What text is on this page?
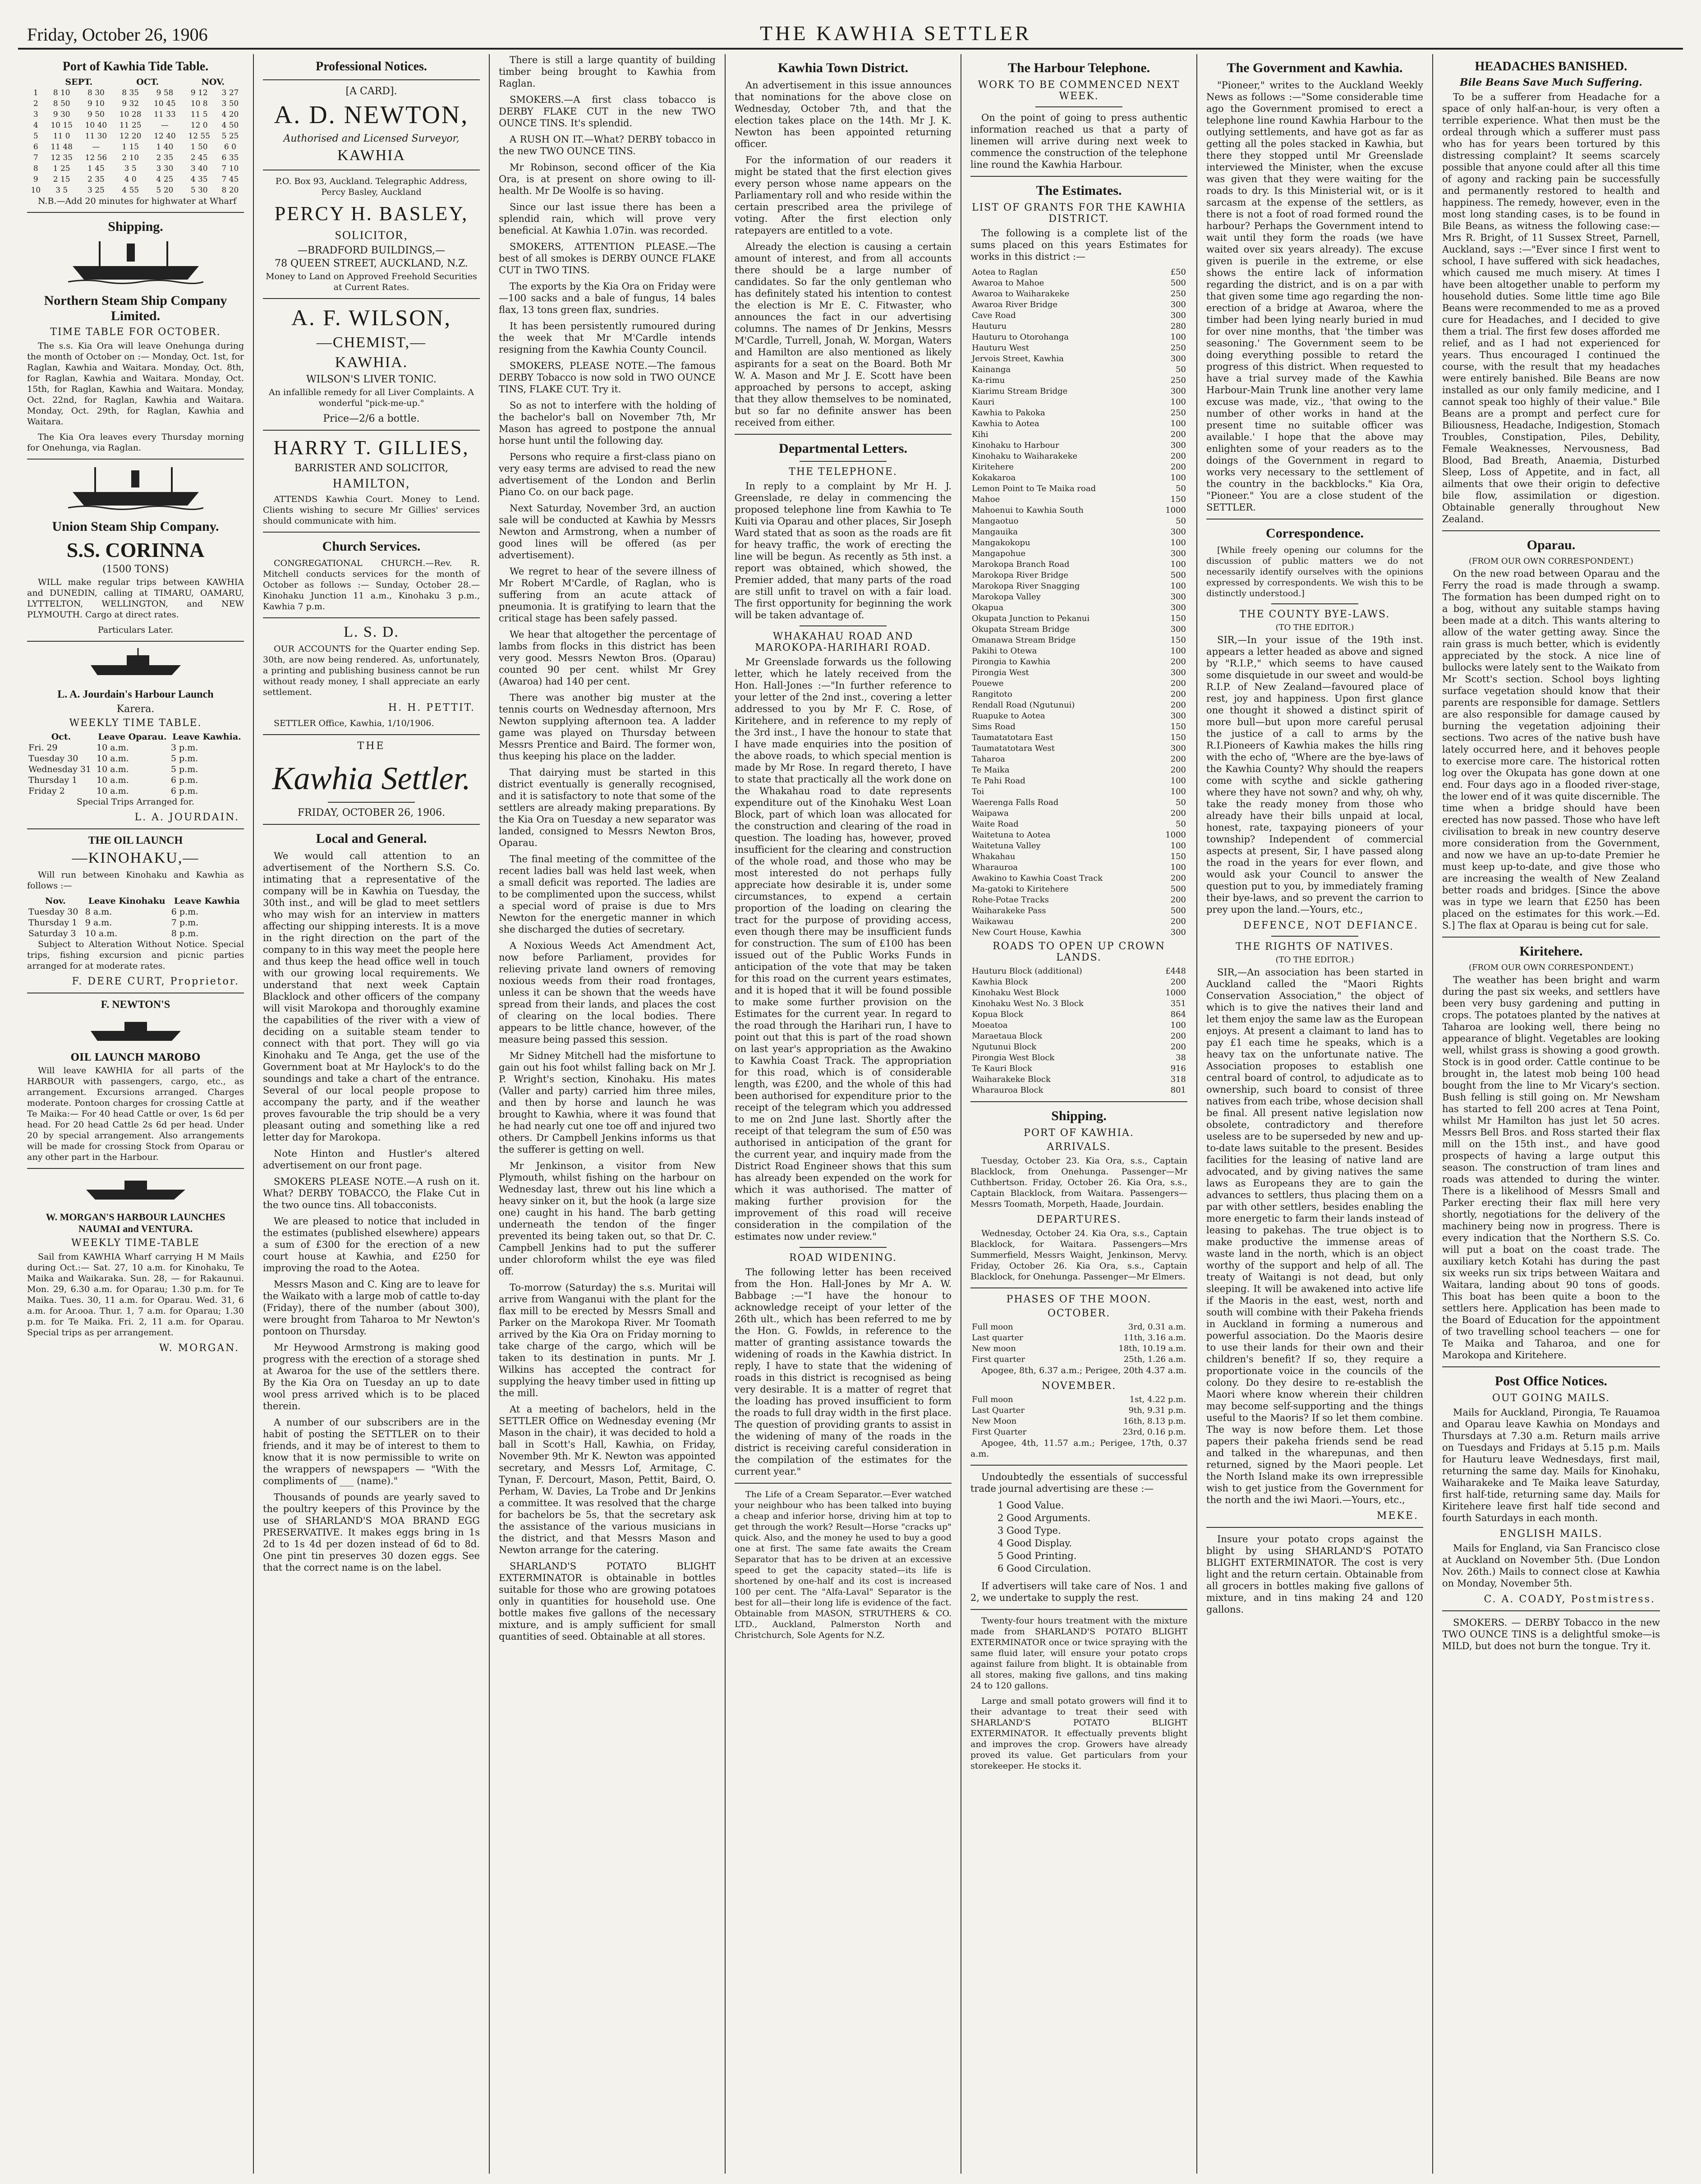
Friday, October 26, 1906	THE KAWHIA SETTLER
Port of Kawhia Tide Table.
	SEPT.		OCT.		NOV.	
1	8 10	8 30	8 35	9 58	9 12	3 27
2	8 50	9 10	9 32	10 45	10 8	3 50
3	9 30	9 50	10 28	11 33	11 5	4 20
4	10 15	10 40	11 25	—	12 0	4 50
5	11 0	11 30	12 20	12 40	12 55	5 25
6	11 48	—	1 15	1 40	1 50	6 0
7	12 35	12 56	2 10	2 35	2 45	6 35
8	1 25	1 45	3 5	3 30	3 40	7 10
9	2 15	2 35	4 0	4 25	4 35	7 45
10	3 5	3 25	4 55	5 20	5 30	8 20

N.B.—Add 20 minutes for highwater at Wharf

Shipping.
Northern Steam Ship Company Limited.
TIME TABLE FOR OCTOBER.

The s.s. Kia Ora will leave Onehunga during the month of October on :— Monday, Oct. 1st, for Raglan, Kawhia and Waitara. Monday, Oct. 8th, for Raglan, Kawhia and Waitara. Monday, Oct. 15th, for Raglan, Kawhia and Waitara. Monday, Oct. 22nd, for Raglan, Kawhia and Waitara. Monday, Oct. 29th, for Raglan, Kawhia and Waitara.

The Kia Ora leaves every Thursday morning for Onehunga, via Raglan.

Union Steam Ship Company.
S.S. CORINNA
(1500 TONS)

WILL make regular trips between KAWHIA and DUNEDIN, calling at TIMARU, OAMARU, LYTTELTON, WELLINGTON, and NEW PLYMOUTH. Cargo at direct rates.

Particulars Later.

L. A. Jourdain's Harbour Launch
Karera.
WEEKLY TIME TABLE.
Oct.	Leave Oparau.	Leave Kawhia.
Fri. 29	10 a.m.	3 p.m.
Tuesday 30	10 a.m.	5 p.m.
Wednesday 31	10 a.m.	5 p.m.
Thursday 1	10 a.m.	6 p.m.
Friday 2	10 a.m.	6 p.m.

Special Trips Arranged for.

L. A. JOURDAIN.
THE OIL LAUNCH
—KINOHAKU,—

Will run between Kinohaku and Kawhia as follows :—

Nov.	Leave Kinohaku	Leave Kawhia
Tuesday 30	8 a.m.	6 p.m.
Thursday 1	9 a.m.	7 p.m.
Saturday 3	10 a.m.	8 p.m.

Subject to Alteration Without Notice. Special trips, fishing excursion and picnic parties arranged for at moderate rates.

F. DERE CURT, Proprietor.
F. NEWTON'S
OIL LAUNCH MAROBO

Will leave KAWHIA for all parts of the HARBOUR with passengers, cargo, etc., as arrangement. Excursions arranged. Charges moderate. Pontoon charges for crossing Cattle at Te Maika:— For 40 head Cattle or over, 1s 6d per head. For 20 head Cattle 2s 6d per head. Under 20 by special arrangement. Also arrangements will be made for crossing Stock from Oparau or any other part in the Harbour.

W. MORGAN'S HARBOUR LAUNCHES NAUMAI and VENTURA.
WEEKLY TIME-TABLE

Sail from KAWHIA Wharf carrying H M Mails during Oct.:— Sat. 27, 10 a.m. for Kinohaku, Te Maika and Waikaraka. Sun. 28, — for Rakaunui. Mon. 29, 6.30 a.m. for Oparau; 1.30 p.m. for Te Maika. Tues. 30, 11 a.m. for Oparau. Wed. 31, 6 a.m. for Ar.ooa. Thur. 1, 7 a.m. for Oparau; 1.30 p.m. for Te Maika. Fri. 2, 11 a.m. for Oparau. Special trips as per arrangement.

W. MORGAN.
Professional Notices.
[A CARD].
A. D. NEWTON,
Authorised and Licensed Surveyor,
KAWHIA

P.O. Box 93, Auckland. Telegraphic Address, Percy Basley, Auckland

PERCY H. BASLEY,
SOLICITOR,
—BRADFORD BUILDINGS,—
78 QUEEN STREET, AUCKLAND, N.Z.

Money to Land on Approved Freehold Securities at Current Rates.

A. F. WILSON,
—CHEMIST,—
KAWHIA.
WILSON'S LIVER TONIC.

An infallible remedy for all Liver Complaints. A wonderful "pick-me-up."

Price—2/6 a bottle.
HARRY T. GILLIES,
BARRISTER AND SOLICITOR,
HAMILTON,

ATTENDS Kawhia Court. Money to Lend. Clients wishing to secure Mr Gillies' services should communicate with him.

Church Services.

CONGREGATIONAL CHURCH.—Rev. R. Mitchell conducts services for the month of October as follows :— Sunday, October 28.—Kinohaku Junction 11 a.m., Kinohaku 3 p.m., Kawhia 7 p.m.

L. S. D.

OUR ACCOUNTS for the Quarter ending Sep. 30th, are now being rendered. As, unfortunately, a printing and publishing business cannot be run without ready money, I shall appreciate an early settlement.

H. H. PETTIT.

SETTLER Office, Kawhia, 1/10/1906.

THE
Kawhia Settler.
FRIDAY, OCTOBER 26, 1906.
Local and General.

We would call attention to an advertisement of the Northern S.S. Co. intimating that a representative of the company will be in Kawhia on Tuesday, the 30th inst., and will be glad to meet settlers who may wish for an interview in matters affecting our shipping interests. It is a move in the right direction on the part of the company to in this way meet the people here and thus keep the head office well in touch with our growing local requirements. We understand that next week Captain Blacklock and other officers of the company will visit Marokopa and thoroughly examine the capabilities of the river with a view of deciding on a suitable steam tender to connect with that port. They will go via Kinohaku and Te Anga, get the use of the Government boat at Mr Haylock's to do the soundings and take a chart of the entrance. Several of our local people propose to accompany the party, and if the weather proves favourable the trip should be a very pleasant outing and something like a red letter day for Marokopa.

Note Hinton and Hustler's altered advertisement on our front page.

SMOKERS PLEASE NOTE.—A rush on it. What? DERBY TOBACCO, the Flake Cut in the two ounce tins. All tobacconists.

We are pleased to notice that included in the estimates (published elsewhere) appears a sum of £300 for the erection of a new court house at Kawhia, and £250 for improving the road to the Aotea.

Messrs Mason and C. King are to leave for the Waikato with a large mob of cattle to-day (Friday), there of the number (about 300), were brought from Taharoa to Mr Newton's pontoon on Thursday.

Mr Heywood Armstrong is making good progress with the erection of a storage shed at Awaroa for the use of the settlers there. By the Kia Ora on Tuesday an up to date wool press arrived which is to be placed therein.

A number of our subscribers are in the habit of posting the SETTLER on to their friends, and it may be of interest to them to know that it is now permissible to write on the wrappers of newspapers — "With the compliments of ___ (name)."

Thousands of pounds are yearly saved to the poultry keepers of this Province by the use of SHARLAND'S MOA BRAND EGG PRESERVATIVE. It makes eggs bring in 1s 2d to 1s 4d per dozen instead of 6d to 8d. One pint tin preserves 30 dozen eggs. See that the correct name is on the label.

There is still a large quantity of building timber being brought to Kawhia from Raglan.

SMOKERS.—A first class tobacco is DERBY FLAKE CUT in the new TWO OUNCE TINS. It's splendid.

A RUSH ON IT.—What? DERBY tobacco in the new TWO OUNCE TINS.

Mr Robinson, second officer of the Kia Ora, is at present on shore owing to ill-health. Mr De Woolfe is so having.

Since our last issue there has been a splendid rain, which will prove very beneficial. At Kawhia 1.07in. was recorded.

SMOKERS, ATTENTION PLEASE.—The best of all smokes is DERBY OUNCE FLAKE CUT in TWO TINS.

The exports by the Kia Ora on Friday were—100 sacks and a bale of fungus, 14 bales flax, 13 tons green flax, sundries.

It has been persistently rumoured during the week that Mr M'Cardle intends resigning from the Kawhia County Council.

SMOKERS, PLEASE NOTE.—The famous DERBY Tobacco is now sold in TWO OUNCE TINS, FLAKE CUT. Try it.

So as not to interfere with the holding of the bachelor's ball on November 7th, Mr Mason has agreed to postpone the annual horse hunt until the following day.

Persons who require a first-class piano on very easy terms are advised to read the new advertisement of the London and Berlin Piano Co. on our back page.

Next Saturday, November 3rd, an auction sale will be conducted at Kawhia by Messrs Newton and Armstrong, when a number of good lines will be offered (as per advertisement).

We regret to hear of the severe illness of Mr Robert M'Cardle, of Raglan, who is suffering from an acute attack of pneumonia. It is gratifying to learn that the critical stage has been safely passed.

We hear that altogether the percentage of lambs from flocks in this district has been very good. Messrs Newton Bros. (Oparau) counted 90 per cent. whilst Mr Grey (Awaroa) had 140 per cent.

There was another big muster at the tennis courts on Wednesday afternoon, Mrs Newton supplying afternoon tea. A ladder game was played on Thursday between Messrs Prentice and Baird. The former won, thus keeping his place on the ladder.

That dairying must be started in this district eventually is generally recognised, and it is satisfactory to note that some of the settlers are already making preparations. By the Kia Ora on Tuesday a new separator was landed, consigned to Messrs Newton Bros, Oparau.

The final meeting of the committee of the recent ladies ball was held last week, when a small deficit was reported. The ladies are to be complimented upon the success, whilst a special word of praise is due to Mrs Newton for the energetic manner in which she discharged the duties of secretary.

A Noxious Weeds Act Amendment Act, now before Parliament, provides for relieving private land owners of removing noxious weeds from their road frontages, unless it can be shown that the weeds have spread from their lands, and places the cost of clearing on the local bodies. There appears to be little chance, however, of the measure being passed this session.

Mr Sidney Mitchell had the misfortune to gain out his foot whilst falling back on Mr J. P. Wright's section, Kinohaku. His mates (Valler and party) carried him three miles, and then by horse and launch he was brought to Kawhia, where it was found that he had nearly cut one toe off and injured two others. Dr Campbell Jenkins informs us that the sufferer is getting on well.

Mr Jenkinson, a visitor from New Plymouth, whilst fishing on the harbour on Wednesday last, threw out his line which a heavy sinker on it, but the hook (a large size one) caught in his hand. The barb getting underneath the tendon of the finger prevented its being taken out, so that Dr. C. Campbell Jenkins had to put the sufferer under chloroform whilst the eye was filed off.

To-morrow (Saturday) the s.s. Muritai will arrive from Wanganui with the plant for the flax mill to be erected by Messrs Small and Parker on the Marokopa River. Mr Toomath arrived by the Kia Ora on Friday morning to take charge of the cargo, which will be taken to its destination in punts. Mr J. Wilkins has accepted the contract for supplying the heavy timber used in fitting up the mill.

At a meeting of bachelors, held in the SETTLER Office on Wednesday evening (Mr Mason in the chair), it was decided to hold a ball in Scott's Hall, Kawhia, on Friday, November 9th. Mr K. Newton was appointed secretary, and Messrs Lof, Armitage, C. Tynan, F. Dercourt, Mason, Pettit, Baird, O. Perham, W. Davies, La Trobe and Dr Jenkins a committee. It was resolved that the charge for bachelors be 5s, that the secretary ask the assistance of the various musicians in the district, and that Messrs Mason and Newton arrange for the catering.

SHARLAND'S POTATO BLIGHT EXTERMINATOR is obtainable in bottles suitable for those who are growing potatoes only in quantities for household use. One bottle makes five gallons of the necessary mixture, and is amply sufficient for small quantities of seed. Obtainable at all stores.

Kawhia Town District.

An advertisement in this issue announces that nominations for the above close on Wednesday, October 7th, and that the election takes place on the 14th. Mr J. K. Newton has been appointed returning officer.

For the information of our readers it might be stated that the first election gives every person whose name appears on the Parliamentary roll and who reside within the certain prescribed area the privilege of voting. After the first election only ratepayers are entitled to a vote.

Already the election is causing a certain amount of interest, and from all accounts there should be a large number of candidates. So far the only gentleman who has definitely stated his intention to contest the election is Mr E. C. Fitwaster, who announces the fact in our advertising columns. The names of Dr Jenkins, Messrs M'Cardle, Turrell, Jonah, W. Morgan, Waters and Hamilton are also mentioned as likely aspirants for a seat on the Board. Both Mr W. A. Mason and Mr J. E. Scott have been approached by persons to accept, asking that they allow themselves to be nominated, but so far no definite answer has been received from either.

Departmental Letters.
THE TELEPHONE.

In reply to a complaint by Mr H. J. Greenslade, re delay in commencing the proposed telephone line from Kawhia to Te Kuiti via Oparau and other places, Sir Joseph Ward stated that as soon as the roads are fit for heavy traffic, the work of erecting the line will be begun. As recently as 5th inst. a report was obtained, which showed, the Premier added, that many parts of the road are still unfit to travel on with a fair load. The first opportunity for beginning the work will be taken advantage of.

WHAKAHAU ROAD AND MAROKOPA-HARIHARI ROAD.

Mr Greenslade forwards us the following letter, which he lately received from the Hon. Hall-Jones :—"In further reference to your letter of the 2nd inst., covering a letter addressed to you by Mr F. C. Rose, of Kiritehere, and in reference to my reply of the 3rd inst., I have the honour to state that I have made enquiries into the position of the above roads, to which special mention is made by Mr Rose. In regard thereto, I have to state that practically all the work done on the Whakahau road to date represents expenditure out of the Kinohaku West Loan Block, part of which loan was allocated for the construction and clearing of the road in question. The loading has, however, proved insufficient for the clearing and construction of the whole road, and those who may be most interested do not perhaps fully appreciate how desirable it is, under some circumstances, to expend a certain proportion of the loading on clearing the tract for the purpose of providing access, even though there may be insufficient funds for construction. The sum of £100 has been issued out of the Public Works Funds in anticipation of the vote that may be taken for this road on the current years estimates, and it is hoped that it will be found possible to make some further provision on the Estimates for the current year. In regard to the road through the Harihari run, I have to point out that this is part of the road shown on last year's appropriation as the Awakino to Kawhia Coast Track. The appropriation for this road, which is of considerable length, was £200, and the whole of this had been authorised for expenditure prior to the receipt of the telegram which you addressed to me on 2nd June last. Shortly after the receipt of that telegram the sum of £50 was authorised in anticipation of the grant for the current year, and inquiry made from the District Road Engineer shows that this sum has already been expended on the work for which it was authorised. The matter of making further provision for the improvement of this road will receive consideration in the compilation of the estimates now under review."

ROAD WIDENING.

The following letter has been received from the Hon. Hall-Jones by Mr A. W. Babbage :—"I have the honour to acknowledge receipt of your letter of the 26th ult., which has been referred to me by the Hon. G. Fowlds, in reference to the matter of granting assistance towards the widening of roads in the Kawhia district. In reply, I have to state that the widening of roads in this district is recognised as being very desirable. It is a matter of regret that the loading has proved insufficient to form the roads to full dray width in the first place. The question of providing grants to assist in the widening of many of the roads in the district is receiving careful consideration in the compilation of the estimates for the current year."

The Life of a Cream Separator.—Ever watched your neighbour who has been talked into buying a cheap and inferior horse, driving him at top to get through the work? Result—Horse "cracks up" quick. Also, and the money he used to buy a good one at first. The same fate awaits the Cream Separator that has to be driven at an excessive speed to get the capacity stated—its life is shortened by one-half and its cost is increased 100 per cent. The "Alfa-Laval" Separator is the best for all—their long life is evidence of the fact. Obtainable from MASON, STRUTHERS & CO. LTD., Auckland, Palmerston North and Christchurch, Sole Agents for N.Z.

The Harbour Telephone.
WORK TO BE COMMENCED NEXT WEEK.

On the point of going to press authentic information reached us that a party of linemen will arrive during next week to commence the construction of the telephone line round the Kawhia Harbour.

The Estimates.
LIST OF GRANTS FOR THE KAWHIA DISTRICT.

The following is a complete list of the sums placed on this years Estimates for works in this district :—

Aotea to Raglan	£50
Awaroa to Mahoe	500
Awaroa to Waiharakeke	250
Awaroa River Bridge	300
Cave Road	300
Hauturu	280
Hauturu to Otorohanga	100
Hauturu West	250
Jervois Street, Kawhia	300
Kainanga	50
Ka-rimu	250
Kiarimu Stream Bridge	300
Kauri	100
Kawhia to Pakoka	250
Kawhia to Aotea	100
Kihi	200
Kinohaku to Harbour	300
Kinohaku to Waiharakeke	200
Kiritehere	200
Kokakaroa	100
Lemon Point to Te Maika road	50
Mahoe	150
Mahoenui to Kawhia South	1000
Mangaotuo	50
Mangauika	300
Mangakokopu	100
Mangapohue	300
Marokopa Branch Road	100
Marokopa River Bridge	500
Marokopa River Snagging	100
Marokopa Valley	300
Okapua	300
Okupata Junction to Pekanui	150
Okupata Stream Bridge	300
Omanawa Stream Bridge	150
Pakihi to Otewa	100
Pirongia to Kawhia	200
Pirongia West	300
Pouewe	200
Rangitoto	200
Rendall Road (Ngutunui)	200
Ruapuke to Aotea	300
Sims Road	150
Taumatatotara East	150
Taumatatotara West	300
Taharoa	200
Te Maika	200
Te Pahi Road	100
Toi	100
Waerenga Falls Road	50
Waipawa	200
Waite Road	50
Waitetuna to Aotea	1000
Waitetuna Valley	100
Whakahau	150
Wharauroa	100
Awakino to Kawhia Coast Track	200
Ma-gatoki to Kiritehere	500
Rohe-Potae Tracks	200
Waiharakeke Pass	500
Waikawau	200
New Court House, Kawhia	300
ROADS TO OPEN UP CROWN LANDS.
Hauturu Block (additional)	£448
Kawhia Block	200
Kinohaku West Block	1000
Kinohaku West No. 3 Block	351
Kopua Block	864
Moeatoa	100
Maraetaua Block	200
Ngutunui Block	200
Pirongia West Block	38
Te Kauri Block	916
Waiharakeke Block	318
Wharauroa Block	801
Shipping.
PORT OF KAWHIA.
ARRIVALS.

Tuesday, October 23. Kia Ora, s.s., Captain Blacklock, from Onehunga. Passenger—Mr Cuthbertson. Friday, October 26. Kia Ora, s.s., Captain Blacklock, from Waitara. Passengers—Messrs Toomath, Morpeth, Haade, Jourdain.

DEPARTURES.

Wednesday, October 24. Kia Ora, s.s., Captain Blacklock, for Waitara. Passengers—Mrs Summerfield, Messrs Waight, Jenkinson, Mervy. Friday, October 26. Kia Ora, s.s., Captain Blacklock, for Onehunga. Passenger—Mr Elmers.

PHASES OF THE MOON.
OCTOBER.
Full moon	3rd, 0.31 a.m.
Last quarter	11th, 3.16 a.m.
New moon	18th, 10.19 a.m.
First quarter	25th, 1.26 a.m.

Apogee, 8th, 6.37 a.m.; Perigee, 20th 4.37 a.m.

NOVEMBER.
Full moon	1st, 4.22 p.m.
Last Quarter	9th, 9.31 p.m.
New Moon	16th, 8.13 p.m.
First Quarter	23rd, 0.16 p.m.

Apogee, 4th, 11.57 a.m.; Perigee, 17th, 0.37 a.m.

Undoubtedly the essentials of successful trade journal advertising are these :—

1 Good Value.
2 Good Arguments.
3 Good Type.
4 Good Display.
5 Good Printing.
6 Good Circulation.

If advertisers will take care of Nos. 1 and 2, we undertake to supply the rest.

Twenty-four hours treatment with the mixture made from SHARLAND'S POTATO BLIGHT EXTERMINATOR once or twice spraying with the same fluid later, will ensure your potato crops against failure from blight. It is obtainable from all stores, making five gallons, and tins making 24 to 120 gallons.

Large and small potato growers will find it to their advantage to treat their seed with SHARLAND'S POTATO BLIGHT EXTERMINATOR. It effectually prevents blight and improves the crop. Growers have already proved its value. Get particulars from your storekeeper. He stocks it.

The Government and Kawhia.

"Pioneer," writes to the Auckland Weekly News as follows :—"Some considerable time ago the Government promised to erect a telephone line round Kawhia Harbour to the outlying settlements, and have got as far as getting all the poles stacked in Kawhia, but there they stopped until Mr Greenslade interviewed the Minister, when the excuse was given that they were waiting for the roads to dry. Is this Ministerial wit, or is it sarcasm at the expense of the settlers, as there is not a foot of road formed round the harbour? Perhaps the Government intend to wait until they form the roads (we have waited over six years already). The excuse given is puerile in the extreme, or else shows the entire lack of information regarding the district, and is on a par with that given some time ago regarding the non-erection of a bridge at Awaroa, where the timber had been lying nearly buried in mud for over nine months, that 'the timber was seasoning.' The Government seem to be doing everything possible to retard the progress of this district. When requested to have a trial survey made of the Kawhia Harbour-Main Trunk line another very lame excuse was made, viz., 'that owing to the number of other works in hand at the present time no suitable officer was available.' I hope that the above may enlighten some of your readers as to the doings of the Government in regard to works very necessary to the settlement of the country in the backblocks." Kia Ora, "Pioneer." You are a close student of the SETTLER.

Correspondence.

[While freely opening our columns for the discussion of public matters we do not necessarily identify ourselves with the opinions expressed by correspondents. We wish this to be distinctly understood.]

THE COUNTY BYE-LAWS.
(TO THE EDITOR.)

SIR,—In your issue of the 19th inst. appears a letter headed as above and signed by "R.I.P.," which seems to have caused some disquietude in our sweet and would-be R.I.P. of New Zealand—favoured place of rest, joy and happiness. Upon first glance one thought it showed a distinct spirit of more bull—but upon more careful perusal the justice of a call to arms by the R.I.Pioneers of Kawhia makes the hills ring with the echo of, "Where are the bye-laws of the Kawhia County? Why should the reapers come with scythe and sickle gathering where they have not sown? and why, oh why, take the ready money from those who already have their bills unpaid at local, honest, rate, taxpaying pioneers of your township? Independent of commercial aspects at present, Sir, I have passed along the road in the years for ever flown, and would ask your Council to answer the question put to you, by immediately framing their bye-laws, and so prevent the carrion to prey upon the land.—Yours, etc.,

DEFENCE, NOT DEFIANCE.
THE RIGHTS OF NATIVES.
(TO THE EDITOR.)

SIR,—An association has been started in Auckland called the "Maori Rights Conservation Association," the object of which is to give the natives their land and let them enjoy the same law as the European enjoys. At present a claimant to land has to pay £1 each time he speaks, which is a heavy tax on the unfortunate native. The Association proposes to establish one central board of control, to adjudicate as to ownership, such board to consist of three natives from each tribe, whose decision shall be final. All present native legislation now obsolete, contradictory and therefore useless are to be superseded by new and up-to-date laws suitable to the present. Besides facilities for the leasing of native land are advocated, and by giving natives the same laws as Europeans they are to gain the advances to settlers, thus placing them on a par with other settlers, besides enabling the more energetic to farm their lands instead of leasing to pakehas. The true object is to make productive the immense areas of waste land in the north, which is an object worthy of the support and help of all. The treaty of Waitangi is not dead, but only sleeping. It will be awakened into active life if the Maoris in the east, west, north and south will combine with their Pakeha friends in Auckland in forming a numerous and powerful association. Do the Maoris desire to use their lands for their own and their children's benefit? If so, they require a proportionate voice in the councils of the colony. Do they desire to re-establish the Maori where know wherein their children may become self-supporting and the things useful to the Maoris? If so let them combine. The way is now before them. Let those papers their pakeha friends send be read and talked in the wharepunas, and then returned, signed by the Maori people. Let the North Island make its own irrepressible wish to get justice from the Government for the north and the iwi Maori.—Yours, etc.,

MEKE.

Insure your potato crops against the blight by using SHARLAND'S POTATO BLIGHT EXTERMINATOR. The cost is very light and the return certain. Obtainable from all grocers in bottles making five gallons of mixture, and in tins making 24 and 120 gallons.

HEADACHES BANISHED.
Bile Beans Save Much Suffering.

To be a sufferer from Headache for a space of only half-an-hour, is very often a terrible experience. What then must be the ordeal through which a sufferer must pass who has for years been tortured by this distressing complaint? It seems scarcely possible that anyone could after all this time of agony and racking pain be successfully and permanently restored to health and happiness. The remedy, however, even in the most long standing cases, is to be found in Bile Beans, as witness the following case:—Mrs R. Bright, of 11 Sussex Street, Parnell, Auckland, says :—"Ever since I first went to school, I have suffered with sick headaches, which caused me much misery. At times I have been altogether unable to perform my household duties. Some little time ago Bile Beans were recommended to me as a proved cure for Headaches, and I decided to give them a trial. The first few doses afforded me relief, and as I had not experienced for years. Thus encouraged I continued the course, with the result that my headaches were entirely banished. Bile Beans are now installed as our only family medicine, and I cannot speak too highly of their value." Bile Beans are a prompt and perfect cure for Biliousness, Headache, Indigestion, Stomach Troubles, Constipation, Piles, Debility, Female Weaknesses, Nervousness, Bad Blood, Bad Breath, Anaemia, Disturbed Sleep, Loss of Appetite, and in fact, all ailments that owe their origin to defective bile flow, assimilation or digestion. Obtainable generally throughout New Zealand.

Oparau.
(FROM OUR OWN CORRESPONDENT.)

On the new road between Oparau and the Ferry the road is made through a swamp. The formation has been dumped right on to a bog, without any suitable stamps having been made at a ditch. This wants altering to allow of the water getting away. Since the rain grass is much better, which is evidently appreciated by the stock. A nice line of bullocks were lately sent to the Waikato from Mr Scott's section. School boys lighting surface vegetation should know that their parents are responsible for damage. Settlers are also responsible for damage caused by burning the vegetation adjoining their sections. Two acres of the native bush have lately occurred here, and it behoves people to exercise more care. The historical rotten log over the Okupata has gone down at one end. Four days ago in a flooded river-stage, the lower end of it was quite discernible. The time when a bridge should have been erected has now passed. Those who have left civilisation to break in new country deserve more consideration from the Government, and now we have an up-to-date Premier he must keep up-to-date, and give those who are increasing the wealth of New Zealand better roads and bridges. [Since the above was in type we learn that £250 has been placed on the estimates for this work.—Ed. S.] The flax at Oparau is being cut for sale.

Kiritehere.
(FROM OUR OWN CORRESPONDENT.)

The weather has been bright and warm during the past six weeks, and settlers have been very busy gardening and putting in crops. The potatoes planted by the natives at Taharoa are looking well, there being no appearance of blight. Vegetables are looking well, whilst grass is showing a good growth. Stock is in good order. Cattle continue to be brought in, the latest mob being 100 head bought from the line to Mr Vicary's section. Bush felling is still going on. Mr Newsham has started to fell 200 acres at Tena Point, whilst Mr Hamilton has just let 50 acres. Messrs Bell Bros. and Ross started their flax mill on the 15th inst., and have good prospects of having a large output this season. The construction of tram lines and roads was attended to during the winter. There is a likelihood of Messrs Small and Parker erecting their flax mill here very shortly, negotiations for the delivery of the machinery being now in progress. There is every indication that the Northern S.S. Co. will put a boat on the coast trade. The auxiliary ketch Kotahi has during the past six weeks run six trips between Waitara and Waitara, landing about 90 tons of goods. This boat has been quite a boon to the settlers here. Application has been made to the Board of Education for the appointment of two travelling school teachers — one for Te Maika and Taharoa, and one for Marokopa and Kiritehere.

Post Office Notices.
OUT GOING MAILS.

Mails for Auckland, Pirongia, Te Rauamoa and Oparau leave Kawhia on Mondays and Thursdays at 7.30 a.m. Return mails arrive on Tuesdays and Fridays at 5.15 p.m. Mails for Hauturu leave Wednesdays, first mail, returning the same day. Mails for Kinohaku, Waiharakeke and Te Maika leave Saturday, first half-tide, returning same day. Mails for Kiritehere leave first half tide second and fourth Saturdays in each month.

ENGLISH MAILS.

Mails for England, via San Francisco close at Auckland on November 5th. (Due London Nov. 26th.) Mails to connect close at Kawhia on Monday, November 5th.

C. A. COADY, Postmistress.

SMOKERS. — DERBY Tobacco in the new TWO OUNCE TINS is a delightful smoke—is MILD, but does not burn the tongue. Try it.
